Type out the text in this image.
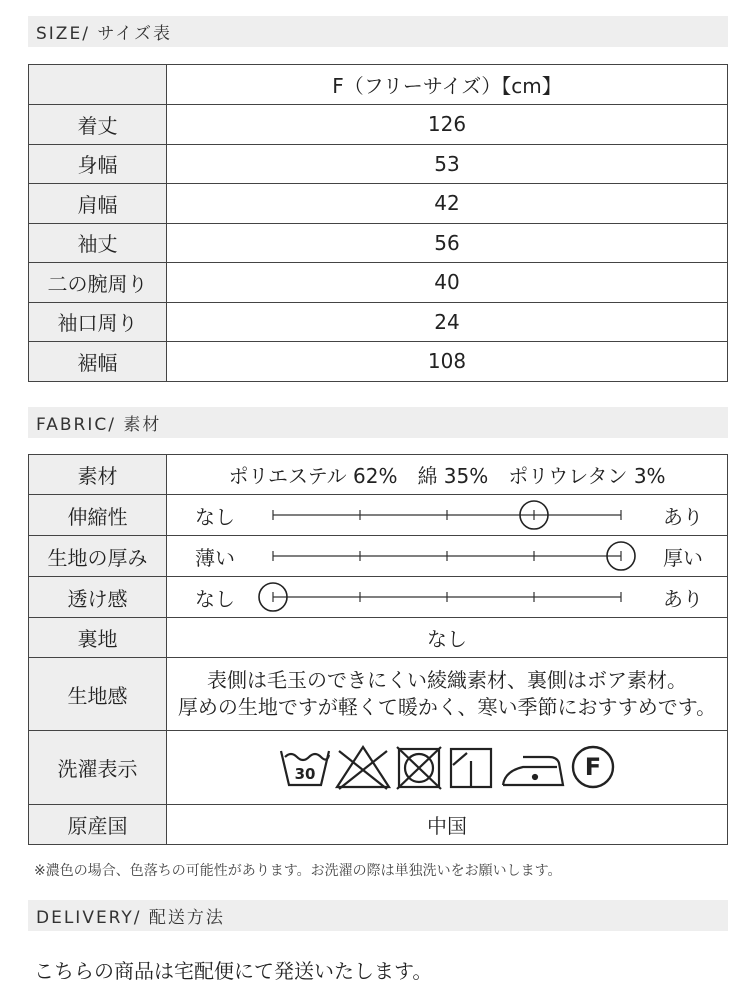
SIZE/ サイズ表
	F（フリーサイズ）【cm】
着丈	126
身幅	53
肩幅	42
袖丈	56
二の腕周り	40
袖口周り	24
裾幅	108
FABRIC/ 素材
素材	ポリエステル 62%　綿 35%　ポリウレタン 3%
伸縮性	なし あり

生地の厚み	薄い 厚い

透け感	なし あり

裏地	なし
生地感	表側は毛玉のできにくい綾織素材、裏側はボア素材。
厚めの生地ですが軽くて暖かく、寒い季節におすすめです。

洗濯表示	30 F

原産国	中国
※濃色の場合、色落ちの可能性があります。お洗濯の際は単独洗いをお願いします。
DELIVERY/ 配送方法
こちらの商品は宅配便にて発送いたします。
